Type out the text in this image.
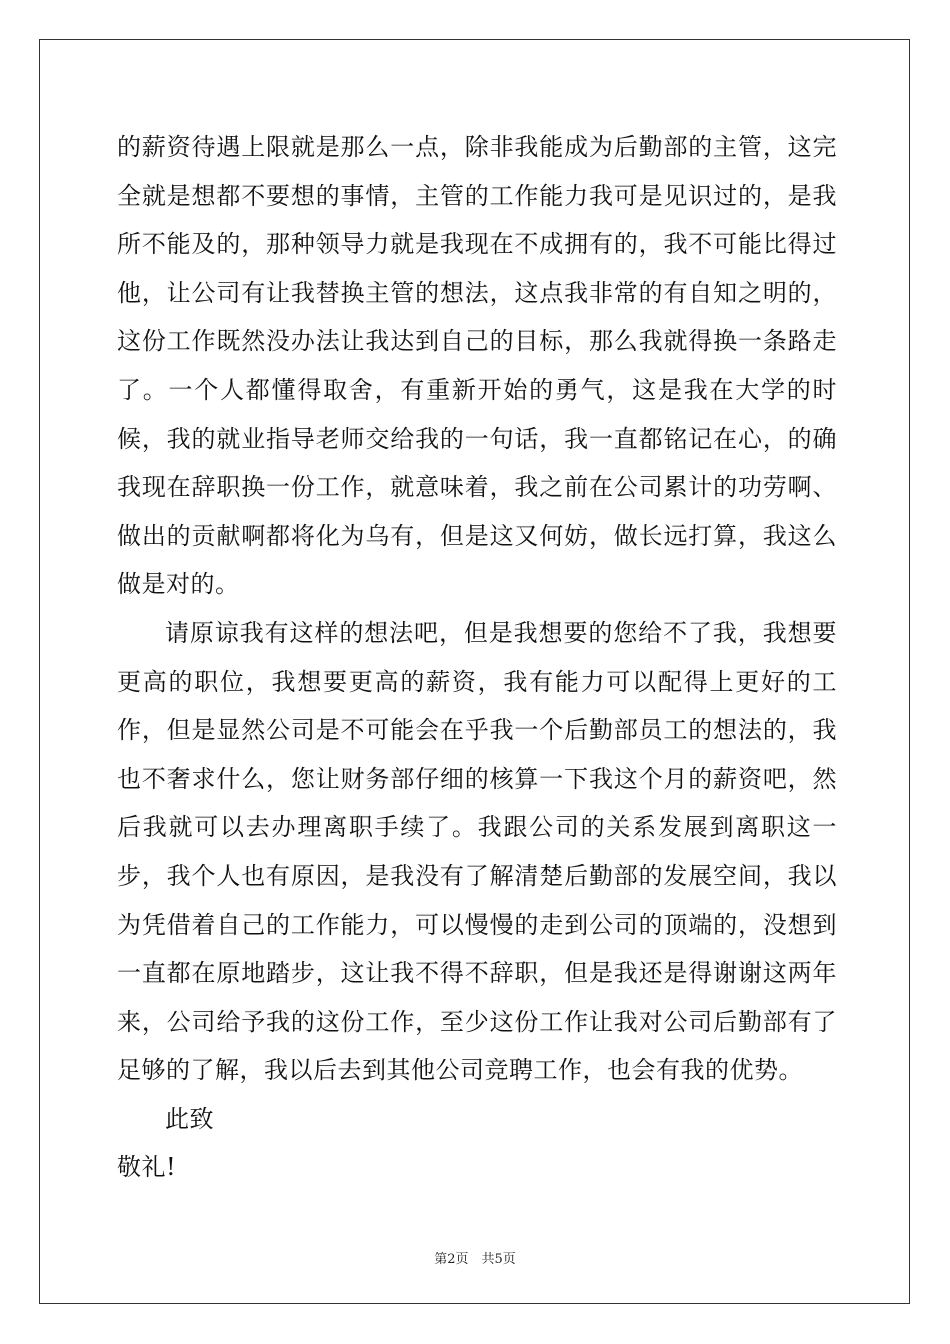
的薪资待遇上限就是那么一点，除非我能成为后勤部的主管，这完全就是想都不要想的事情，主管的工作能力我可是见识过的，是我所不能及的，那种领导力就是我现在不成拥有的，我不可能比得过他，让公司有让我替换主管的想法，这点我非常的有自知之明的，这份工作既然没办法让我达到自己的目标，那么我就得换一条路走了。一个人都懂得取舍，有重新开始的勇气，这是我在大学的时候，我的就业指导老师交给我的一句话，我一直都铭记在心，的确我现在辞职换一份工作，就意味着，我之前在公司累计的功劳啊、做出的贡献啊都将化为乌有，但是这又何妨，做长远打算，我这么做是对的。

请原谅我有这样的想法吧，但是我想要的您给不了我，我想要更高的职位，我想要更高的薪资，我有能力可以配得上更好的工作，但是显然公司是不可能会在乎我一个后勤部员工的想法的，我也不奢求什么，您让财务部仔细的核算一下我这个月的薪资吧，然后我就可以去办理离职手续了。我跟公司的关系发展到离职这一步，我个人也有原因，是我没有了解清楚后勤部的发展空间，我以为凭借着自己的工作能力，可以慢慢的走到公司的顶端的，没想到一直都在原地踏步，这让我不得不辞职，但是我还是得谢谢这两年来，公司给予我的这份工作，至少这份工作让我对公司后勤部有了足够的了解，我以后去到其他公司竞聘工作，也会有我的优势。

此致

敬礼!

第2页　共5页
